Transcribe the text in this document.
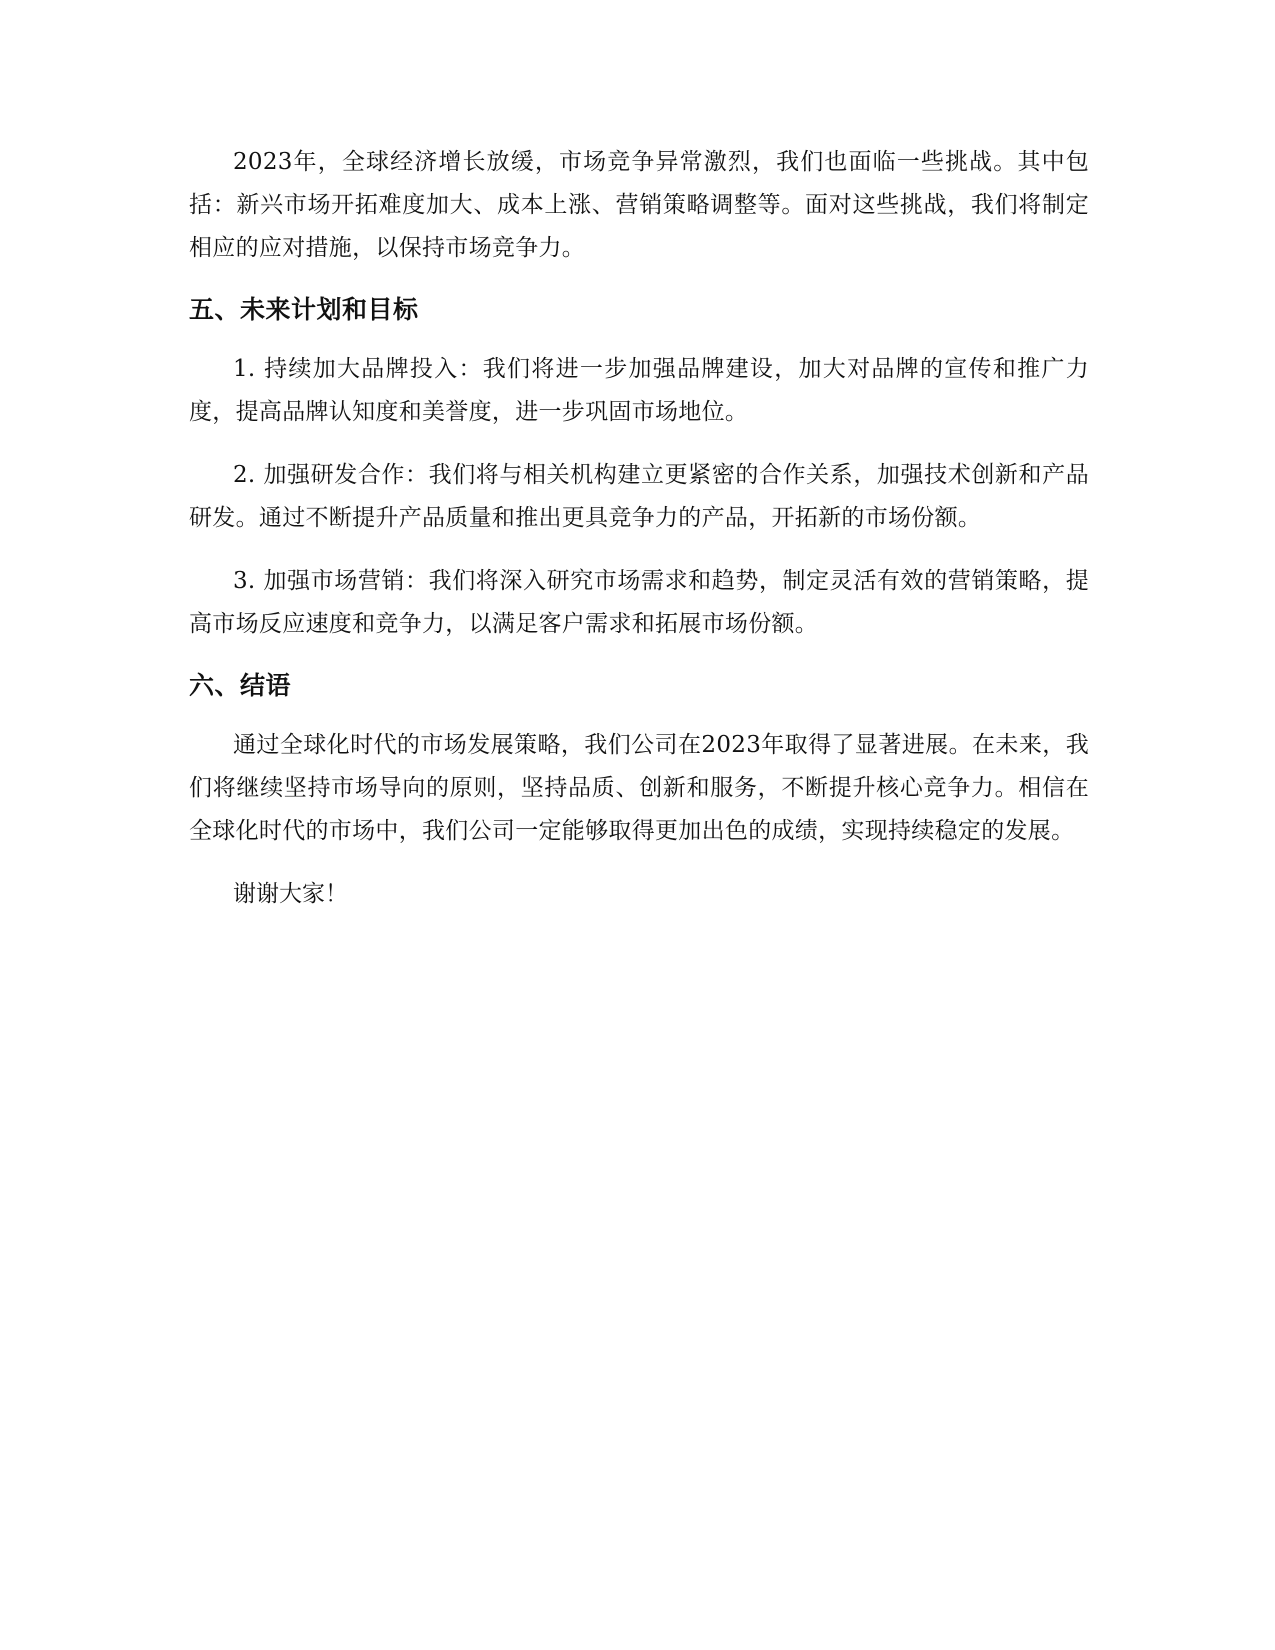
2023年，全球经济增长放缓，市场竞争异常激烈，我们也面临一些挑战。其中包括：新兴市场开拓难度加大、成本上涨、营销策略调整等。面对这些挑战，我们将制定相应的应对措施，以保持市场竞争力。

五、未来计划和目标

1. 持续加大品牌投入：我们将进一步加强品牌建设，加大对品牌的宣传和推广力度，提高品牌认知度和美誉度，进一步巩固市场地位。

2. 加强研发合作：我们将与相关机构建立更紧密的合作关系，加强技术创新和产品研发。通过不断提升产品质量和推出更具竞争力的产品，开拓新的市场份额。

3. 加强市场营销：我们将深入研究市场需求和趋势，制定灵活有效的营销策略，提高市场反应速度和竞争力，以满足客户需求和拓展市场份额。

六、结语

通过全球化时代的市场发展策略，我们公司在2023年取得了显著进展。在未来，我们将继续坚持市场导向的原则，坚持品质、创新和服务，不断提升核心竞争力。相信在全球化时代的市场中，我们公司一定能够取得更加出色的成绩，实现持续稳定的发展。

谢谢大家！
